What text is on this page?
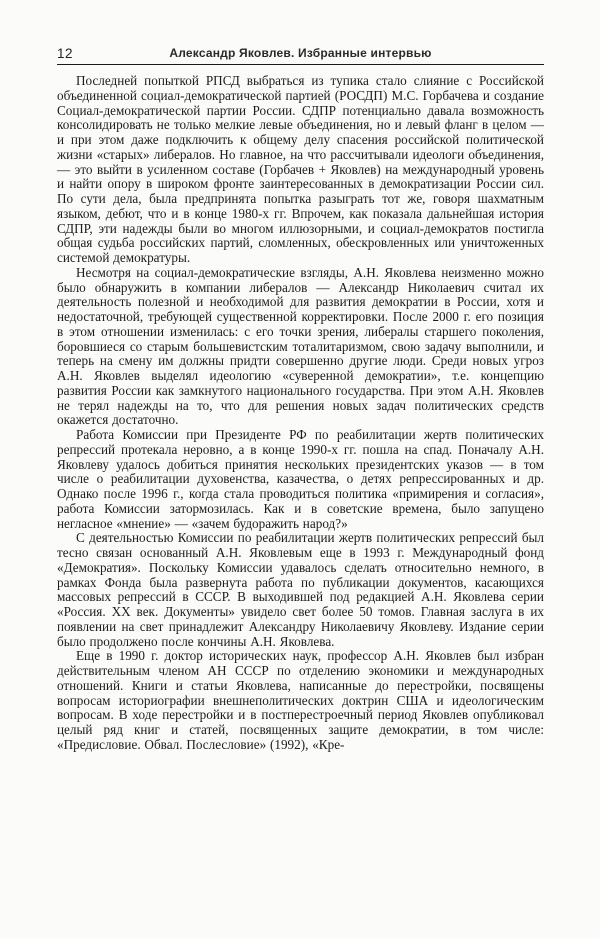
12	Александр Яковлев. Избранные интервью

Последней попыткой РПСД выбраться из тупика стало слияние с Российской объединенной социал-демократической партией (РОСДП) М.С. Горбачева и создание Социал-демократической партии России. СДПР потенциально давала возможность консолидировать не только мелкие левые объединения, но и левый фланг в целом — и при этом даже подключить к общему делу спасения российской политической жизни «старых» либералов. Но главное, на что рассчитывали идеологи объединения, — это выйти в усиленном составе (Горбачев + Яковлев) на международный уровень и найти опору в широком фронте заинтересованных в демократизации России сил. По сути дела, была предпринята попытка разыграть тот же, говоря шахматным языком, дебют, что и в конце 1980-х гг. Впрочем, как показала дальнейшая история СДПР, эти надежды были во многом иллюзорными, и социал-демократов постигла общая судьба российских партий, сломленных, обескровленных или уничтоженных системой демократуры.

Несмотря на социал-демократические взгляды, А.Н. Яковлева неизменно можно было обнаружить в компании либералов — Александр Николаевич считал их деятельность полезной и необходимой для развития демократии в России, хотя и недостаточной, требующей существенной корректировки. После 2000 г. его позиция в этом отношении изменилась: с его точки зрения, либералы старшего поколения, боровшиеся со старым большевистским тоталитаризмом, свою задачу выполнили, и теперь на смену им должны придти совершенно другие люди. Среди новых угроз А.Н. Яковлев выделял идеологию «суверенной демократии», т.е. концепцию развития России как замкнутого национального государства. При этом А.Н. Яковлев не терял надежды на то, что для решения новых задач политических средств окажется достаточно.

Работа Комиссии при Президенте РФ по реабилитации жертв политических репрессий протекала неровно, а в конце 1990-х гг. пошла на спад. Поначалу А.Н. Яковлеву удалось добиться принятия нескольких президентских указов — в том числе о реабилитации духовенства, казачества, о детях репрессированных и др. Однако после 1996 г., когда стала проводиться политика «примирения и согласия», работа Комиссии затормозилась. Как и в советские времена, было запущено негласное «мнение» — «зачем будоражить народ?»

С деятельностью Комиссии по реабилитации жертв политических репрессий был тесно связан основанный А.Н. Яковлевым еще в 1993 г. Международный фонд «Демократия». Поскольку Комиссии удавалось сделать относительно немного, в рамках Фонда была развернута работа по публикации документов, касающихся массовых репрессий в СССР. В выходившей под редакцией А.Н. Яковлева серии «Россия. ХХ век. Документы» увидело свет более 50 томов. Главная заслуга в их появлении на свет принадлежит Александру Николаевичу Яковлеву. Издание серии было продолжено после кончины А.Н. Яковлева.

Еще в 1990 г. доктор исторических наук, профессор А.Н. Яковлев был избран действительным членом АН СССР по отделению экономики и международных отношений. Книги и статьи Яковлева, написанные до перестройки, посвящены вопросам историографии внешнеполитических доктрин США и идеологическим вопросам. В ходе перестройки и в постперестроечный период Яковлев опубликовал целый ряд книг и статей, посвященных защите демократии, в том числе: «Предисловие. Обвал. Послесловие» (1992), «Кре-
